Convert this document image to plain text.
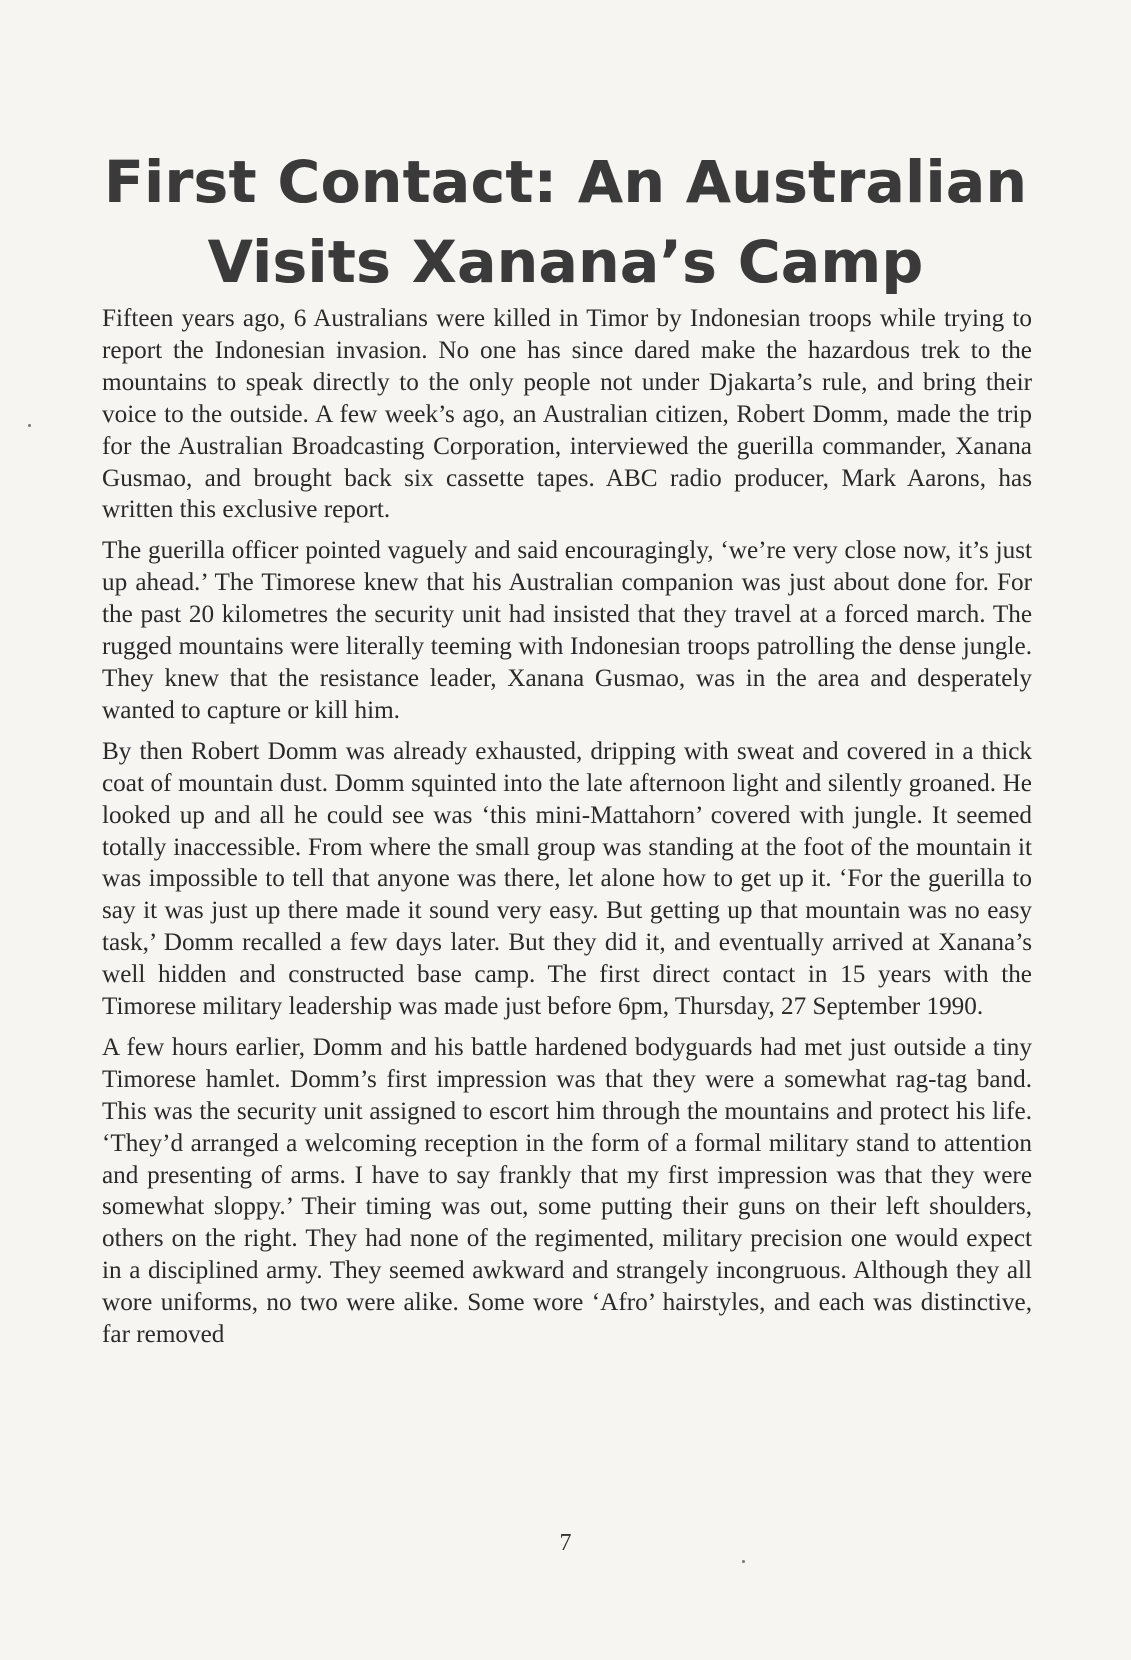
First Contact: An Australian
Visits Xanana’s Camp

Fifteen years ago, 6 Australians were killed in Timor by Indonesian troops while trying to report the Indonesian invasion. No one has since dared make the hazardous trek to the mountains to speak directly to the only people not under Djakarta’s rule, and bring their voice to the outside. A few week’s ago, an Australian citizen, Robert Domm, made the trip for the Australian Broadcasting Corporation, interviewed the guerilla commander, Xanana Gusmao, and brought back six cassette tapes. ABC radio producer, Mark Aarons, has written this exclusive report.

The guerilla officer pointed vaguely and said encouragingly, ‘we’re very close now, it’s just up ahead.’ The Timorese knew that his Australian companion was just about done for. For the past 20 kilometres the security unit had insisted that they travel at a forced march. The rugged mountains were literally teeming with Indonesian troops patrolling the dense jungle. They knew that the resistance leader, Xanana Gusmao, was in the area and desperately wanted to capture or kill him.

By then Robert Domm was already exhausted, dripping with sweat and covered in a thick coat of mountain dust. Domm squinted into the late afternoon light and silently groaned. He looked up and all he could see was ‘this mini-Mattahorn’ covered with jungle. It seemed totally inaccessible. From where the small group was standing at the foot of the mountain it was impossible to tell that anyone was there, let alone how to get up it. ‘For the guerilla to say it was just up there made it sound very easy. But getting up that mountain was no easy task,’ Domm recalled a few days later. But they did it, and eventually arrived at Xanana’s well hidden and constructed base camp. The first direct contact in 15 years with the Timorese military leadership was made just before 6pm, Thursday, 27 September 1990.

A few hours earlier, Domm and his battle hardened bodyguards had met just outside a tiny Timorese hamlet. Domm’s first impression was that they were a somewhat rag-tag band. This was the security unit assigned to escort him through the mountains and protect his life. ‘They’d arranged a welcoming reception in the form of a formal military stand to attention and presenting of arms. I have to say frankly that my first impression was that they were somewhat sloppy.’ Their timing was out, some putting their guns on their left shoulders, others on the right. They had none of the regimented, military precision one would expect in a disciplined army. They seemed awkward and strangely incongruous. Although they all wore uniforms, no two were alike. Some wore ‘Afro’ hairstyles, and each was distinctive, far removed

7
